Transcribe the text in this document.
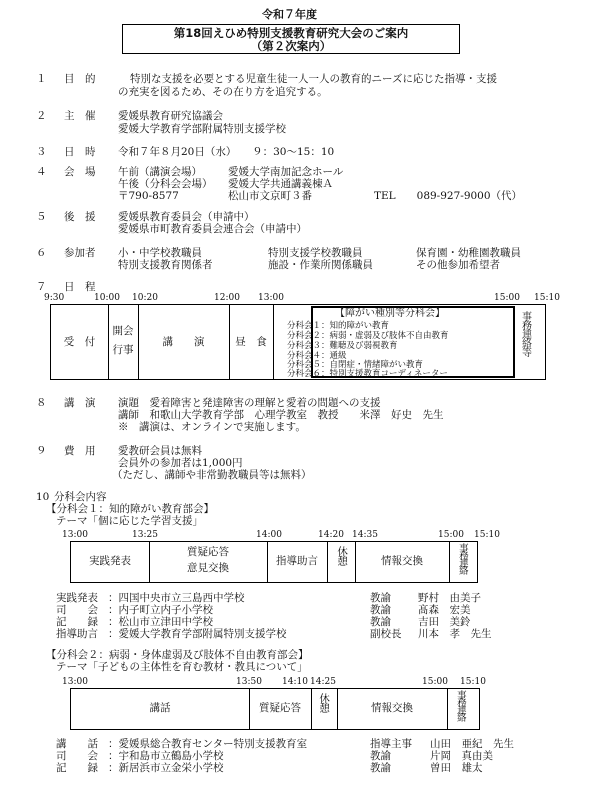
令和７年度
第18回えひめ特別支援教育研究大会のご案内
（第２次案内）
１ 目　的	特別な支援を必要とする児童生徒一人一人の教育的ニーズに応じた指導・支援
の充実を図るため、その在り方を追究する。
２ 主　催 愛媛県教育研究協議会
愛媛大学教育学部附属特別支援学校
３ 日　時 令和７年８月20日（水）　　９：30～15：10
４ 会　場 午前（講演会場） 愛媛大学南加記念ホール
午後（分科会会場） 愛媛大学共通講義棟Ａ
〒790-8577	松山市文京町３番	TEL　　089-927-9000（代）
５ 後　援 愛媛県教育委員会（申請中）
愛媛県市町教育委員会連合会（申請中）
６ 参加者 小・中学校教職員	特別支援学校教職員	保育園・幼稚園教職員
特別支援教育関係者	施設・作業所関係職員	その他参加希望者
７ 日　程
9:30	10:00 10:20	12:00 13:00	15:00 15:10
受　付
開会
行事
講　　演	昼　食
【障がい種別等分科会】
分科会１：知的障がい教育
分科会２：病弱・虚弱及び肢体不自由教育
分科会３：難聴及び弱視教育
分科会４：通級
分科会５：自閉症・情緒障がい教育
分科会６：特別支援教育コーディネーター
事務連絡等
８ 講　演 演題　愛着障害と発達障害の理解と愛着の問題への支援
講師　和歌山大学教育学部　心理学教室　教授　　米澤　好史　先生
※　講演は、オンラインで実施します。
９ 費　用 愛教研会員は無料
会員外の参加者は1,000円
（ただし、講師や非常勤教職員等は無料）
10 分科会内容
【分科会１：知的障がい教育部会】
テーマ「個に応じた学習支援」
13:00	13:25	14:00	14:20 14:35	15:00 15:10
実践発表
質疑応答
意見交換
指導助言	休憩	情報交換	事務連絡
実践発表 ：四国中央市立三島西中学校	教諭	野村　由美子
司　　会 ：内子町立内子小学校	教諭	髙森　宏美
記　　録 ：松山市立津田中学校	教諭	吉田　美鈴
指導助言 ：愛媛大学教育学部附属特別支援学校	副校長 川本　孝　先生
【分科会２：病弱・身体虚弱及び肢体不自由教育部会】
テーマ「子どもの主体性を育む教材・教具について」
13:00	13:50 14:10 14:25	15:00 15:10
講話	質疑応答	休憩	情報交換	事務連絡
講　　話 ：愛媛県総合教育センター特別支援教育室	指導主事 山田　亜紀　先生
司　　会 ：宇和島市立鶴島小学校	教諭	片岡　真由美
記　　録 ：新居浜市立金栄小学校	教諭	曽田　雄太
